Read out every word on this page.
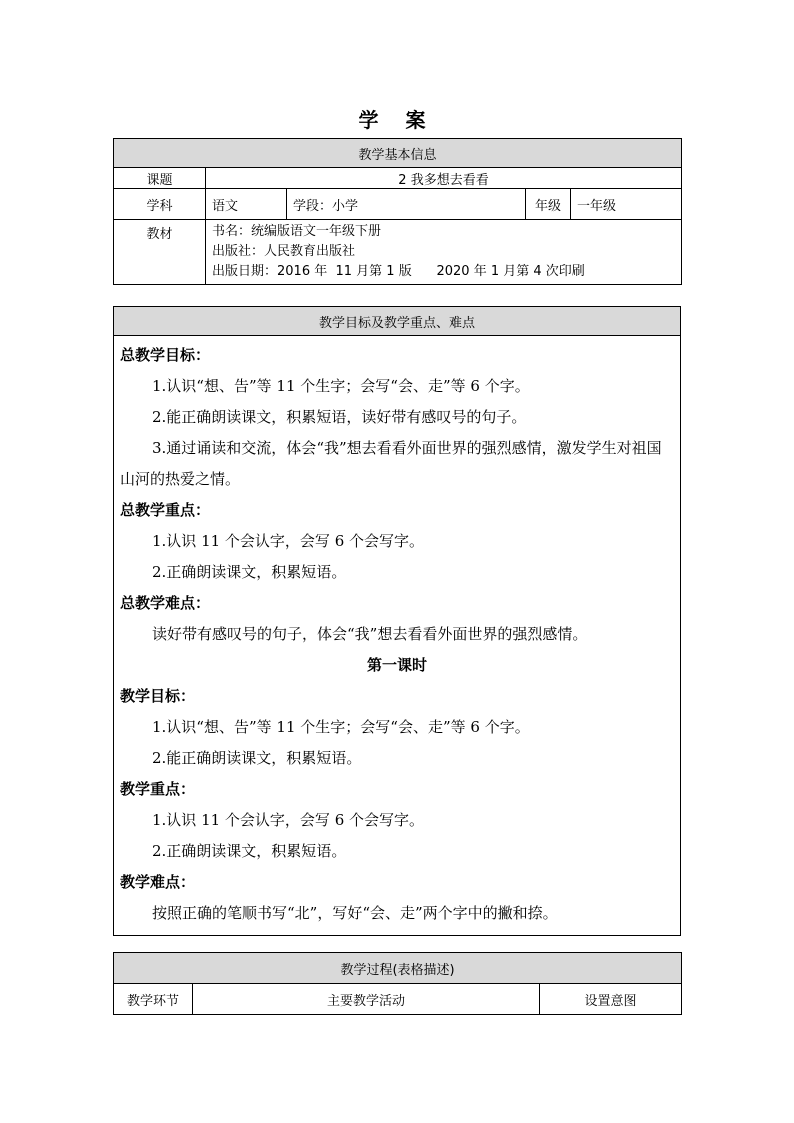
学 案
教学基本信息				
课题	2 我多想去看看			
学科	语文	学段：小学	年级	一年级
教材	书名：统编版语文一年级下册
出版社：人民教育出版社
出版日期：2016 年  11 月第 1 版      2020 年 1 月第 4 次印刷			
教学目标及教学重点、难点

总教学目标：

1.认识“想、告”等 11 个生字；会写“会、走”等 6 个字。

2.能正确朗读课文，积累短语，读好带有感叹号的句子。

3.通过诵读和交流，体会“我”想去看看外面世界的强烈感情，激发学生对祖国山河的热爱之情。

总教学重点：

1.认识 11 个会认字，会写 6 个会写字。

2.正确朗读课文，积累短语。

总教学难点：

读好带有感叹号的句子，体会“我”想去看看外面世界的强烈感情。

第一课时

教学目标：

1.认识“想、告”等 11 个生字；会写“会、走”等 6 个字。

2.能正确朗读课文，积累短语。

教学重点：

1.认识 11 个会认字，会写 6 个会写字。

2.正确朗读课文，积累短语。

教学难点：

按照正确的笔顺书写“北”，写好“会、走”两个字中的撇和捺。

教学过程(表格描述)
教学环节	主要教学活动	设置意图
